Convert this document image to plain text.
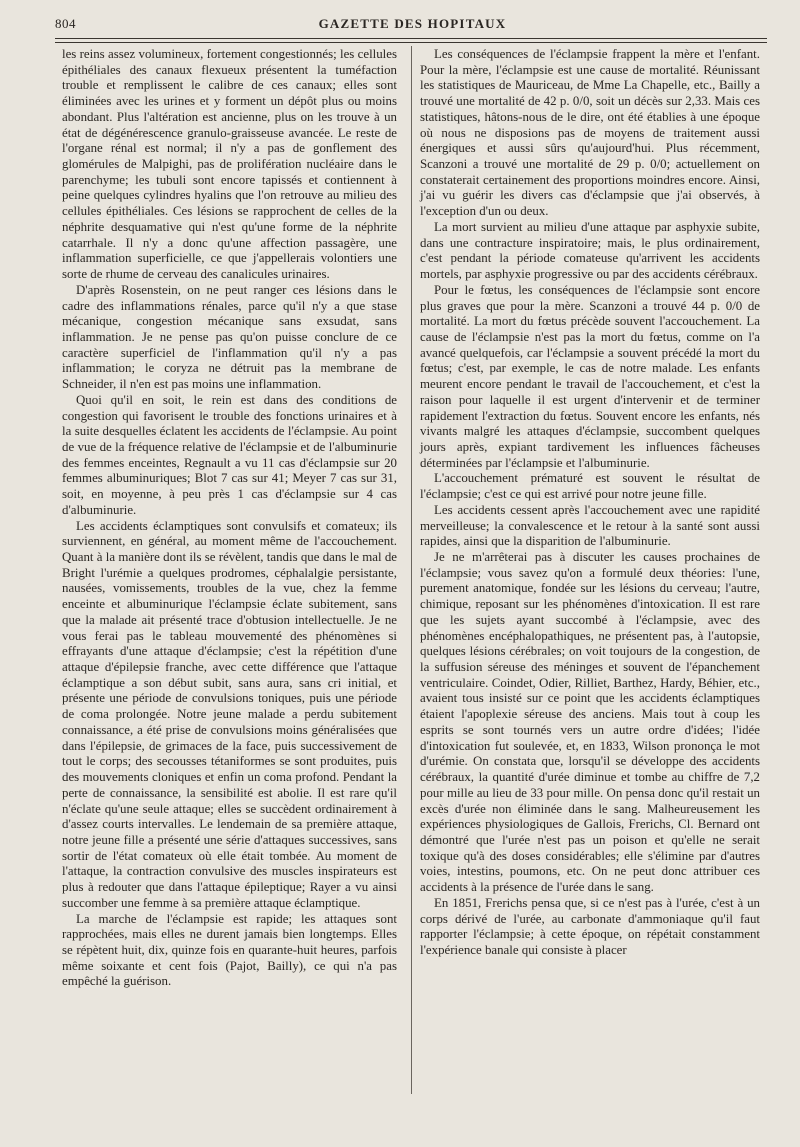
804	GAZETTE DES HOPITAUX

les reins assez volumineux, fortement congestionnés; les cellules épithéliales des canaux flexueux présentent la tuméfaction trouble et remplissent le calibre de ces canaux; elles sont éliminées avec les urines et y forment un dépôt plus ou moins abondant. Plus l'altération est ancienne, plus on les trouve à un état de dégénérescence granulo-graisseuse avancée. Le reste de l'organe rénal est normal; il n'y a pas de gonflement des glomérules de Malpighi, pas de prolifération nucléaire dans le parenchyme; les tubuli sont encore tapissés et contiennent à peine quelques cylindres hyalins que l'on retrouve au milieu des cellules épithéliales. Ces lésions se rapprochent de celles de la néphrite desquamative qui n'est qu'une forme de la néphrite catarrhale. Il n'y a donc qu'une affection passagère, une inflammation superficielle, ce que j'appellerais volontiers une sorte de rhume de cerveau des canalicules urinaires.

D'après Rosenstein, on ne peut ranger ces lésions dans le cadre des inflammations rénales, parce qu'il n'y a que stase mécanique, congestion mécanique sans exsudat, sans inflammation. Je ne pense pas qu'on puisse conclure de ce caractère superficiel de l'inflammation qu'il n'y a pas inflammation; le coryza ne détruit pas la membrane de Schneider, il n'en est pas moins une inflammation.

Quoi qu'il en soit, le rein est dans des conditions de congestion qui favorisent le trouble des fonctions urinaires et à la suite desquelles éclatent les accidents de l'éclampsie. Au point de vue de la fréquence relative de l'éclampsie et de l'albuminurie des femmes enceintes, Regnault a vu 11 cas d'éclampsie sur 20 femmes albuminuriques; Blot 7 cas sur 41; Meyer 7 cas sur 31, soit, en moyenne, à peu près 1 cas d'éclampsie sur 4 cas d'albuminurie.

Les accidents éclamptiques sont convulsifs et comateux; ils surviennent, en général, au moment même de l'accouchement. Quant à la manière dont ils se révèlent, tandis que dans le mal de Bright l'urémie a quelques prodromes, céphalalgie persistante, nausées, vomissements, troubles de la vue, chez la femme enceinte et albuminurique l'éclampsie éclate subitement, sans que la malade ait présenté trace d'obtusion intellectuelle. Je ne vous ferai pas le tableau mouvementé des phénomènes si effrayants d'une attaque d'éclampsie; c'est la répétition d'une attaque d'épilepsie franche, avec cette différence que l'attaque éclamptique a son début subit, sans aura, sans cri initial, et présente une période de convulsions toniques, puis une période de coma prolongée. Notre jeune malade a perdu subitement connaissance, a été prise de convulsions moins généralisées que dans l'épilepsie, de grimaces de la face, puis successivement de tout le corps; des secousses tétaniformes se sont produites, puis des mouvements cloniques et enfin un coma profond. Pendant la perte de connaissance, la sensibilité est abolie. Il est rare qu'il n'éclate qu'une seule attaque; elles se succèdent ordinairement à d'assez courts intervalles. Le lendemain de sa première attaque, notre jeune fille a présenté une série d'attaques successives, sans sortir de l'état comateux où elle était tombée. Au moment de l'attaque, la contraction convulsive des muscles inspirateurs est plus à redouter que dans l'attaque épileptique; Rayer a vu ainsi succomber une femme à sa première attaque éclamptique.

La marche de l'éclampsie est rapide; les attaques sont rapprochées, mais elles ne durent jamais bien longtemps. Elles se répètent huit, dix, quinze fois en quarante-huit heures, parfois même soixante et cent fois (Pajot, Bailly), ce qui n'a pas empêché la guérison.

Les conséquences de l'éclampsie frappent la mère et l'enfant. Pour la mère, l'éclampsie est une cause de mortalité. Réunissant les statistiques de Mauriceau, de Mme La Chapelle, etc., Bailly a trouvé une mortalité de 42 p. 0/0, soit un décès sur 2,33. Mais ces statistiques, hâtons-nous de le dire, ont été établies à une époque où nous ne disposions pas de moyens de traitement aussi énergiques et aussi sûrs qu'aujourd'hui. Plus récemment, Scanzoni a trouvé une mortalité de 29 p. 0/0; actuellement on constaterait certainement des proportions moindres encore. Ainsi, j'ai vu guérir les divers cas d'éclampsie que j'ai observés, à l'exception d'un ou deux.

La mort survient au milieu d'une attaque par asphyxie subite, dans une contracture inspiratoire; mais, le plus ordinairement, c'est pendant la période comateuse qu'arrivent les accidents mortels, par asphyxie progressive ou par des accidents cérébraux.

Pour le fœtus, les conséquences de l'éclampsie sont encore plus graves que pour la mère. Scanzoni a trouvé 44 p. 0/0 de mortalité. La mort du fœtus précède souvent l'accouchement. La cause de l'éclampsie n'est pas la mort du fœtus, comme on l'a avancé quelquefois, car l'éclampsie a souvent précédé la mort du fœtus; c'est, par exemple, le cas de notre malade. Les enfants meurent encore pendant le travail de l'accouchement, et c'est la raison pour laquelle il est urgent d'intervenir et de terminer rapidement l'extraction du fœtus. Souvent encore les enfants, nés vivants malgré les attaques d'éclampsie, succombent quelques jours après, expiant tardivement les influences fâcheuses déterminées par l'éclampsie et l'albuminurie.

L'accouchement prématuré est souvent le résultat de l'éclampsie; c'est ce qui est arrivé pour notre jeune fille.

Les accidents cessent après l'accouchement avec une rapidité merveilleuse; la convalescence et le retour à la santé sont aussi rapides, ainsi que la disparition de l'albuminurie.

Je ne m'arrêterai pas à discuter les causes prochaines de l'éclampsie; vous savez qu'on a formulé deux théories: l'une, purement anatomique, fondée sur les lésions du cerveau; l'autre, chimique, reposant sur les phénomènes d'intoxication. Il est rare que les sujets ayant succombé à l'éclampsie, avec des phénomènes encéphalopathiques, ne présentent pas, à l'autopsie, quelques lésions cérébrales; on voit toujours de la congestion, de la suffusion séreuse des méninges et souvent de l'épanchement ventriculaire. Coindet, Odier, Rilliet, Barthez, Hardy, Béhier, etc., avaient tous insisté sur ce point que les accidents éclamptiques étaient l'apoplexie séreuse des anciens. Mais tout à coup les esprits se sont tournés vers un autre ordre d'idées; l'idée d'intoxication fut soulevée, et, en 1833, Wilson prononça le mot d'urémie. On constata que, lorsqu'il se développe des accidents cérébraux, la quantité d'urée diminue et tombe au chiffre de 7,2 pour mille au lieu de 33 pour mille. On pensa donc qu'il restait un excès d'urée non éliminée dans le sang. Malheureusement les expériences physiologiques de Gallois, Frerichs, Cl. Bernard ont démontré que l'urée n'est pas un poison et qu'elle ne serait toxique qu'à des doses considérables; elle s'élimine par d'autres voies, intestins, poumons, etc. On ne peut donc attribuer ces accidents à la présence de l'urée dans le sang.

En 1851, Frerichs pensa que, si ce n'est pas à l'urée, c'est à un corps dérivé de l'urée, au carbonate d'ammoniaque qu'il faut rapporter l'éclampsie; à cette époque, on répétait constamment l'expérience banale qui consiste à placer
